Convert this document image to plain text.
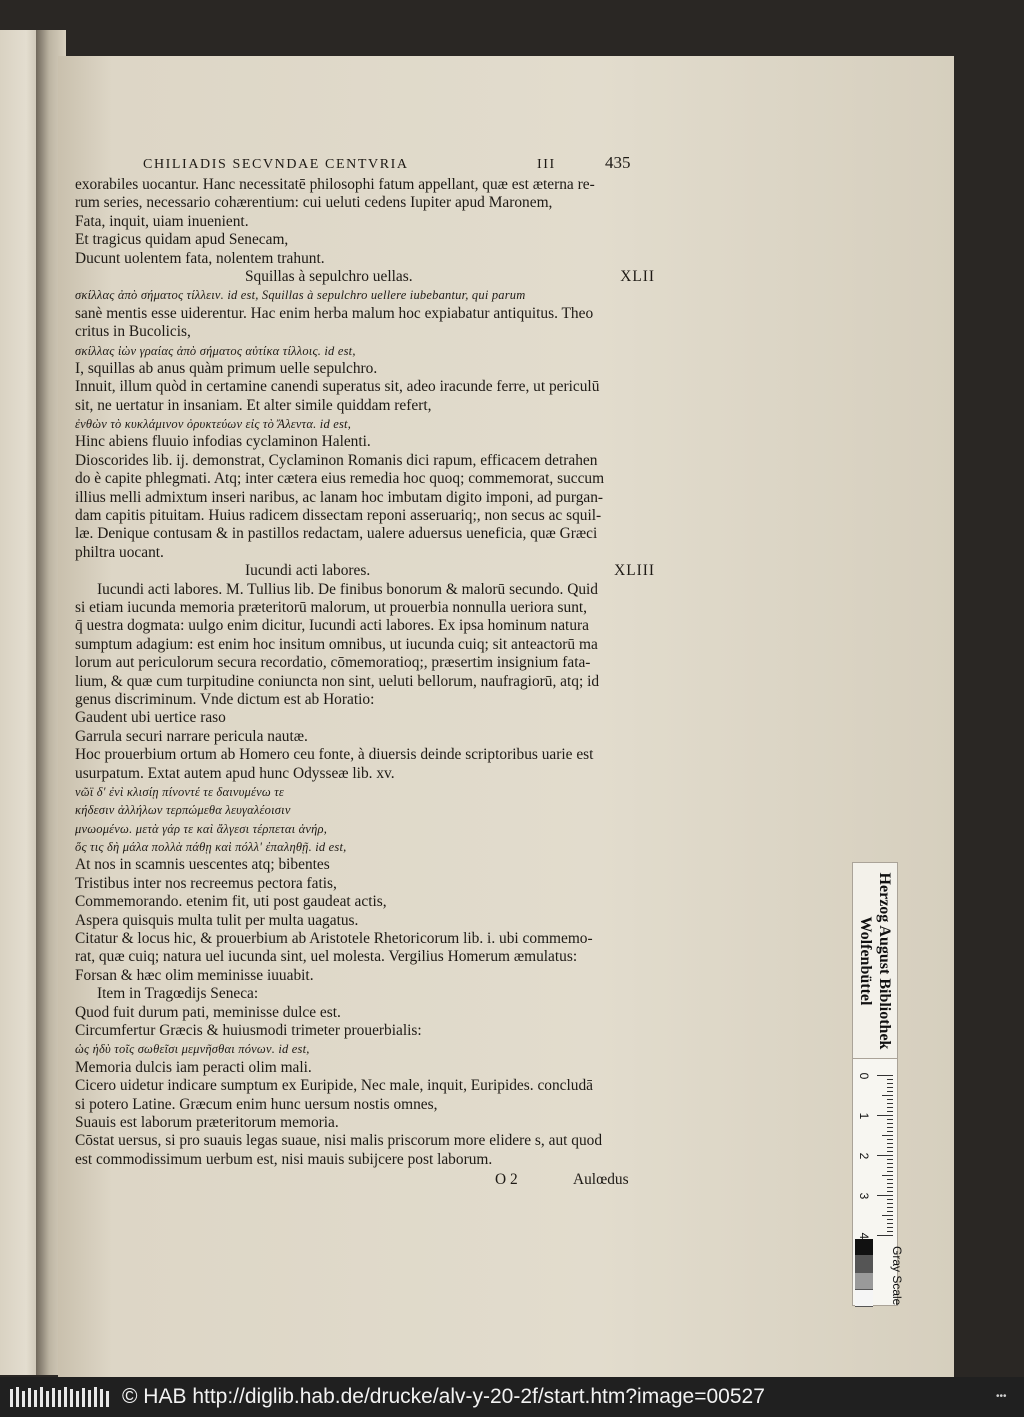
CHILIADIS SECVNDAE CENTVRIA	III	435
exorabiles uocantur. Hanc necessitatē philosophi fatum appellant, quæ est æterna re-
rum series, necessario cohærentium: cui ueluti cedens Iupiter apud Maronem,
Fata, inquit, uiam inuenient.
Et tragicus quidam apud Senecam,
Ducunt uolentem fata, nolentem trahunt.
Squillas à sepulchro uellas.	XLII
σκίλλας ἀπὸ σήματος τίλλειν. id est, Squillas à sepulchro uellere iubebantur, qui parum
sanè mentis esse uiderentur. Hac enim herba malum hoc expiabatur antiquitus. Theo
critus in Bucolicis,
σκίλλας ἰὼν γραίας ἀπὸ σήματος αὐτίκα τίλλοις. id est,
I, squillas ab anus quàm primum uelle sepulchro.
Innuit, illum quòd in certamine canendi superatus sit, adeo iracunde ferre, ut periculū
sit, ne uertatur in insaniam. Et alter simile quiddam refert,
ἐνθὼν τὸ κυκλάμινον ὀρυκτεύων εἰς τὸ Ἄλεντα. id est,
Hinc abiens fluuio infodias cyclaminon Halenti.
Dioscorides lib. ij. demonstrat, Cyclaminon Romanis dici rapum, efficacem detrahen
do è capite phlegmati. Atq; inter cætera eius remedia hoc quoq; commemorat, succum
illius melli admixtum inseri naribus, ac lanam hoc imbutam digito imponi, ad purgan-
dam capitis pituitam. Huius radicem dissectam reponi asseruariq;, non secus ac squil-
læ. Denique contusam & in pastillos redactam, ualere aduersus ueneficia, quæ Græci
philtra uocant.
Iucundi acti labores.	XLIII
Iucundi acti labores. M. Tullius lib. De finibus bonorum & malorū secundo. Quid
si etiam iucunda memoria præteritorū malorum, ut prouerbia nonnulla ueriora sunt,
q̄ uestra dogmata: uulgo enim dicitur, Iucundi acti labores. Ex ipsa hominum natura
sumptum adagium: est enim hoc insitum omnibus, ut iucunda cuiq; sit anteactorū ma
lorum aut periculorum secura recordatio, cōmemoratioq;, præsertim insignium fata-
lium, & quæ cum turpitudine coniuncta non sint, ueluti bellorum, naufragiorū, atq; id
genus discriminum. Vnde dictum est ab Horatio:
Gaudent ubi uertice raso
Garrula securi narrare pericula nautæ.
Hoc prouerbium ortum ab Homero ceu fonte, à diuersis deinde scriptoribus uarie est
usurpatum. Extat autem apud hunc Odysseæ lib. xv.
νῶϊ δ' ἐνὶ κλισίῃ πίνοντέ τε δαινυμένω τε
κήδεσιν ἀλλήλων τερπώμεθα λευγαλέοισιν
μνωομένω. μετὰ γάρ τε καὶ ἄλγεσι τέρπεται ἀνήρ,
ὅς τις δὴ μάλα πολλὰ πάθῃ καὶ πόλλ' ἐπαληθῇ. id est,
At nos in scamnis uescentes atq; bibentes
Tristibus inter nos recreemus pectora fatis,
Commemorando. etenim fit, uti post gaudeat actis,
Aspera quisquis multa tulit per multa uagatus.
Citatur & locus hic, & prouerbium ab Aristotele Rhetoricorum lib. i. ubi commemo-
rat, quæ cuiq; natura uel iucunda sint, uel molesta. Vergilius Homerum æmulatus:
Forsan & hæc olim meminisse iuuabit.
Item in Tragœdijs Seneca:
Quod fuit durum pati, meminisse dulce est.
Circumfertur Græcis & huiusmodi trimeter prouerbialis:
ὡς ἡδὺ τοῖς σωθεῖσι μεμνῆσθαι πόνων. id est,
Memoria dulcis iam peracti olim mali.
Cicero uidetur indicare sumptum ex Euripide, Nec male, inquit, Euripides. concludā
si potero Latine. Græcum enim hunc uersum nostis omnes,
Suauis est laborum præteritorum memoria.
Cōstat uersus, si pro suauis legas suaue, nisi malis priscorum more elidere s, aut quod
est commodissimum uerbum est, nisi mauis subijcere post laborum.
O 2	Aulœdus
Herzog August Bibliothek
Wolfenbüttel
0
1
2
3
4
Gray Scale
© HAB http://diglib.hab.de/drucke/alv-y-20-2f/start.htm?image=00527	•••
